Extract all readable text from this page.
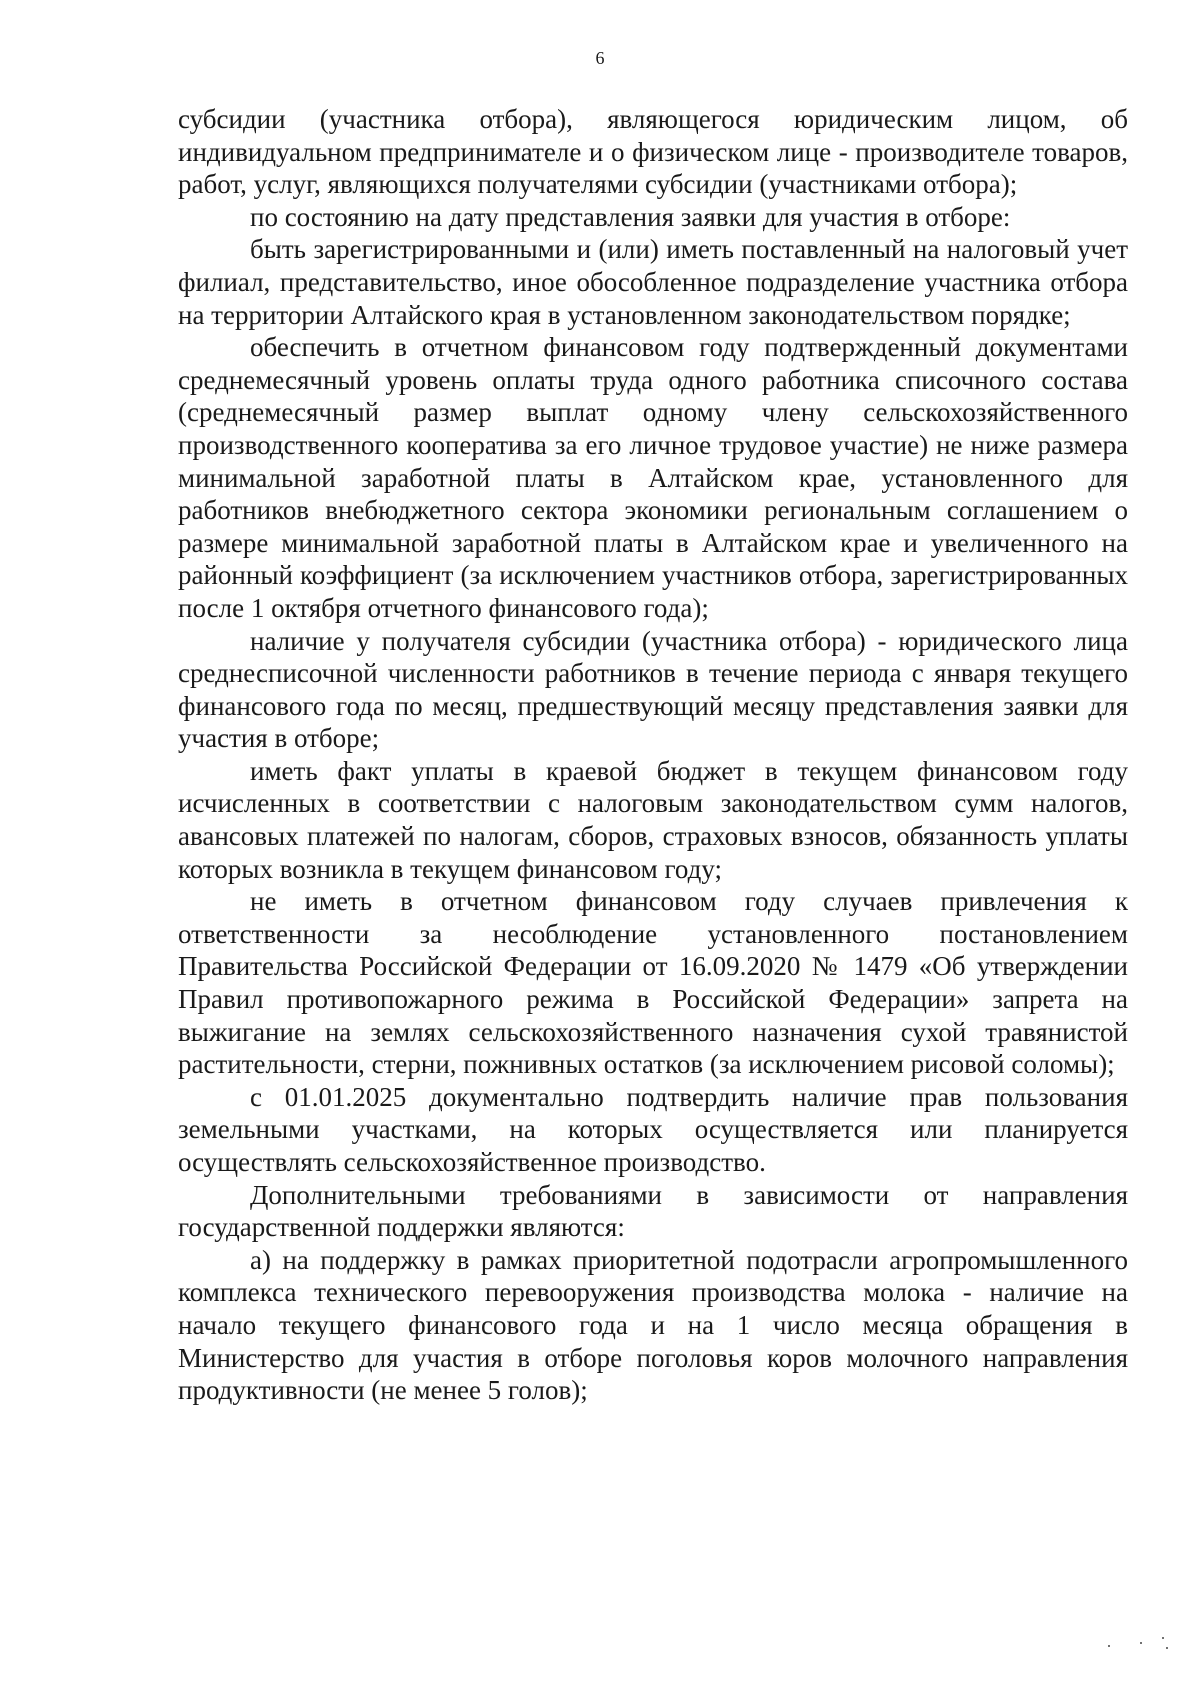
6

субсидии (участника отбора), являющегося юридическим лицом, об индивидуальном предпринимателе и о физическом лице - производителе товаров, работ, услуг, являющихся получателями субсидии (участниками отбора);

по состоянию на дату представления заявки для участия в отборе:

быть зарегистрированными и (или) иметь поставленный на налоговый учет филиал, представительство, иное обособленное подразделение участника отбора на территории Алтайского края в установленном законодательством порядке;

обеспечить в отчетном финансовом году подтвержденный документами среднемесячный уровень оплаты труда одного работника списочного состава (среднемесячный размер выплат одному члену сельскохозяйственного производственного кооператива за его личное трудовое участие) не ниже размера минимальной заработной платы в Алтайском крае, установленного для работников внебюджетного сектора экономики региональным соглашением о размере минимальной заработной платы в Алтайском крае и увеличенного на районный коэффициент (за исключением участников отбора, зарегистрированных после 1 октября отчетного финансового года);

наличие у получателя субсидии (участника отбора) - юридического лица среднесписочной численности работников в течение периода с января текущего финансового года по месяц, предшествующий месяцу представления заявки для участия в отборе;

иметь факт уплаты в краевой бюджет в текущем финансовом году исчисленных в соответствии с налоговым законодательством сумм налогов, авансовых платежей по налогам, сборов, страховых взносов, обязанность уплаты которых возникла в текущем финансовом году;

не иметь в отчетном финансовом году случаев привлечения к ответственности за несоблюдение установленного постановлением Правительства Российской Федерации от 16.09.2020 № 1479 «Об утверждении Правил противопожарного режима в Российской Федерации» запрета на выжигание на землях сельскохозяйственного назначения сухой травянистой растительности, стерни, пожнивных остатков (за исключением рисовой соломы);

с 01.01.2025 документально подтвердить наличие прав пользования земельными участками, на которых осуществляется или планируется осуществлять сельскохозяйственное производство.

Дополнительными требованиями в зависимости от направления государственной поддержки являются:

а) на поддержку в рамках приоритетной подотрасли агропромышленного комплекса технического перевооружения производства молока - наличие на начало текущего финансового года и на 1 число месяца обращения в Министерство для участия в отборе поголовья коров молочного направления продуктивности (не менее 5 голов);
